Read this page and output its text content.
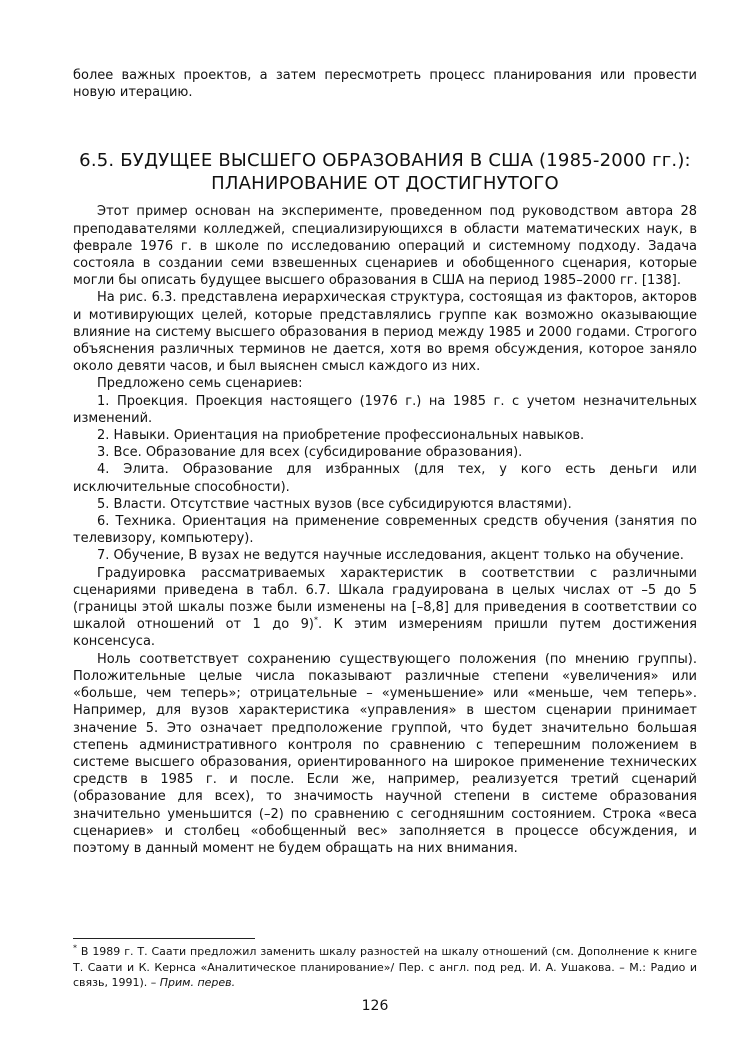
более важных проектов, а затем пересмотреть процесс планирования или провести новую итерацию.

6.5. БУДУЩЕЕ ВЫСШЕГО ОБРАЗОВАНИЯ В США (1985-2000 гг.):
ПЛАНИРОВАНИЕ ОТ ДОСТИГНУТОГО

Этот пример основан на эксперименте, проведенном под руководством автора 28 преподавателями колледжей, специализирующихся в области математических наук, в феврале 1976 г. в школе по исследованию операций и системному подходу. Задача состояла в создании семи взвешенных сценариев и обобщенного сценария, которые могли бы описать будущее высшего образования в США на период 1985–2000 гг. [138].

На рис. 6.3. представлена иерархическая структура, состоящая из факторов, акторов и мотивирующих целей, которые представлялись группе как возможно оказывающие влияние на систему высшего образования в период между 1985 и 2000 годами. Строгого объяснения различных терминов не дается, хотя во время обсуждения, которое заняло около девяти часов, и был выяснен смысл каждого из них.

Предложено семь сценариев:

1. Проекция. Проекция настоящего (1976 г.) на 1985 г. с учетом незначительных изменений.

2. Навыки. Ориентация на приобретение профессиональных навыков.

3. Все. Образование для всех (субсидирование образования).

4. Элита. Образование для избранных (для тех, у кого есть деньги или исключительные способности).

5. Власти. Отсутствие частных вузов (все субсидируются властями).

6. Техника. Ориентация на применение современных средств обучения (занятия по телевизору, компьютеру).

7. Обучение, В вузах не ведутся научные исследования, акцент только на обучение.

Градуировка рассматриваемых характеристик в соответствии с различными сценариями приведена в табл. 6.7. Шкала градуирована в целых числах от –5 до 5 (границы этой шкалы позже были изменены на [–8,8] для приведения в соответствии со шкалой отношений от 1 до 9)*. К этим измерениям пришли путем достижения консенсуса.

Ноль соответствует сохранению существующего положения (по мнению группы). Положительные целые числа показывают различные степени «увеличения» или «больше, чем теперь»; отрицательные – «уменьшение» или «меньше, чем теперь». Например, для вузов характеристика «управления» в шестом сценарии принимает значение 5. Это означает предположение группой, что будет значительно большая степень административного контроля по сравнению с теперешним положением в системе высшего образования, ориентированного на широкое применение технических средств в 1985 г. и после. Если же, например, реализуется третий сценарий (образование для всех), то значимость научной степени в системе образования значительно уменьшится (–2) по сравнению с сегодняшним состоянием. Строка «веса сценариев» и столбец «обобщенный вес» заполняется в процессе обсуждения, и поэтому в данный момент не будем обращать на них внимания.

* В 1989 г. Т. Саати предложил заменить шкалу разностей на шкалу отношений (см. Дополнение к книге Т. Саати и К. Кернса «Аналитическое планирование»/ Пер. с англ. под ред. И. А. Ушакова. – М.: Радио и связь, 1991). – Прим. перев.

126
